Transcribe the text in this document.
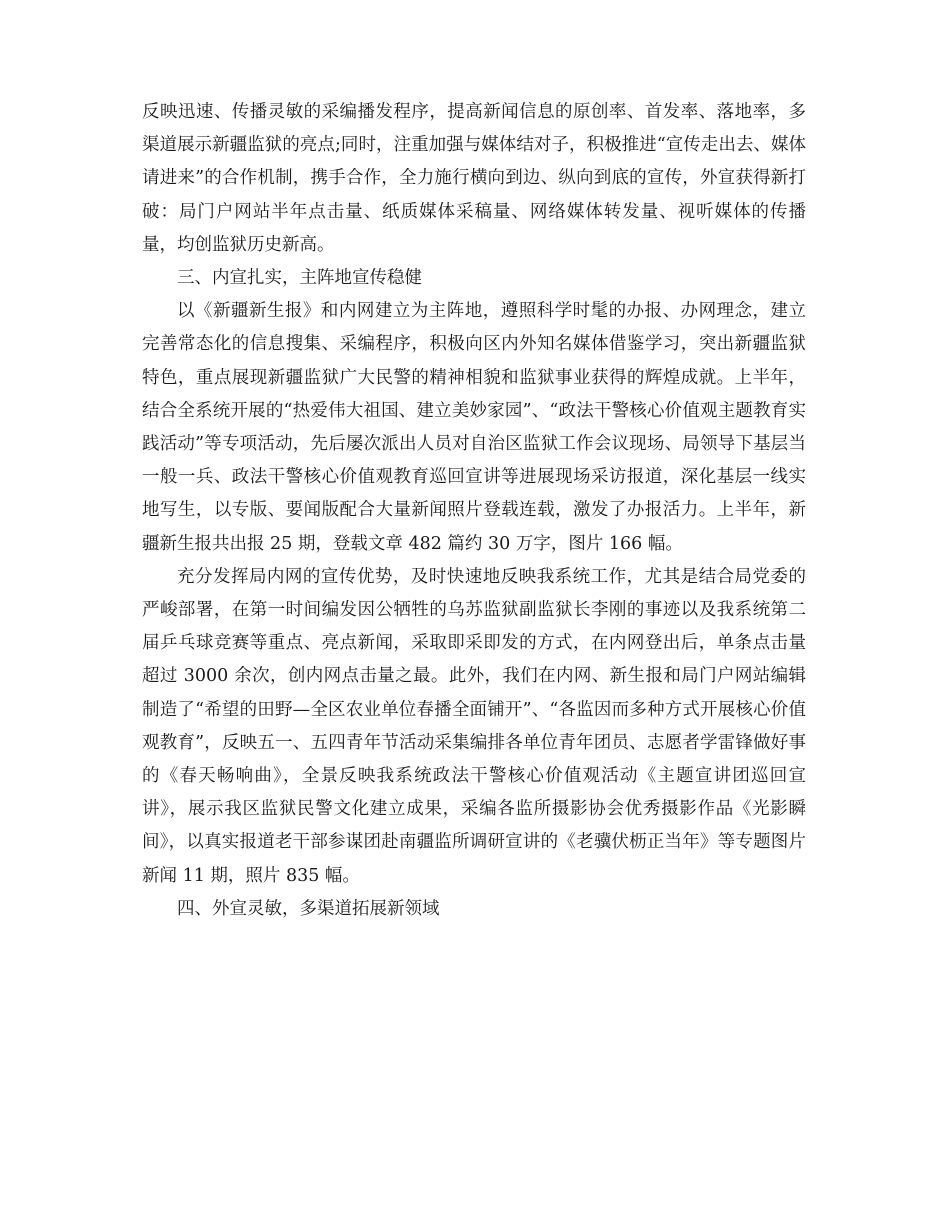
反映迅速、传播灵敏的采编播发程序，提高新闻信息的原创率、首发率、落地率，多渠道展示新疆监狱的亮点;同时，注重加强与媒体结对子，积极推进“宣传走出去、媒体请进来”的合作机制，携手合作，全力施行横向到边、纵向到底的宣传，外宣获得新打破：局门户网站半年点击量、纸质媒体采稿量、网络媒体转发量、视听媒体的传播量，均创监狱历史新高。

三、内宣扎实，主阵地宣传稳健

以《新疆新生报》和内网建立为主阵地，遵照科学时髦的办报、办网理念，建立完善常态化的信息搜集、采编程序，积极向区内外知名媒体借鉴学习，突出新疆监狱特色，重点展现新疆监狱广大民警的精神相貌和监狱事业获得的辉煌成就。上半年，结合全系统开展的“热爱伟大祖国、建立美妙家园”、“政法干警核心价值观主题教育实践活动”等专项活动，先后屡次派出人员对自治区监狱工作会议现场、局领导下基层当一般一兵、政法干警核心价值观教育巡回宣讲等进展现场采访报道，深化基层一线实地写生，以专版、要闻版配合大量新闻照片登载连载，激发了办报活力。上半年，新疆新生报共出报 25 期，登载文章 482 篇约 30 万字，图片 166 幅。

充分发挥局内网的宣传优势，及时快速地反映我系统工作，尤其是结合局党委的严峻部署，在第一时间编发因公牺牲的乌苏监狱副监狱长李刚的事迹以及我系统第二届乒乓球竞赛等重点、亮点新闻，采取即采即发的方式，在内网登出后，单条点击量超过 3000 余次，创内网点击量之最。此外，我们在内网、新生报和局门户网站编辑制造了“希望的田野—全区农业单位春播全面铺开”、“各监因而多种方式开展核心价值观教育”，反映五一、五四青年节活动采集编排各单位青年团员、志愿者学雷锋做好事的《春天畅响曲》，全景反映我系统政法干警核心价值观活动《主题宣讲团巡回宣讲》，展示我区监狱民警文化建立成果，采编各监所摄影协会优秀摄影作品《光影瞬间》，以真实报道老干部参谋团赴南疆监所调研宣讲的《老骥伏枥正当年》等专题图片新闻 11 期，照片 835 幅。

四、外宣灵敏，多渠道拓展新领域
